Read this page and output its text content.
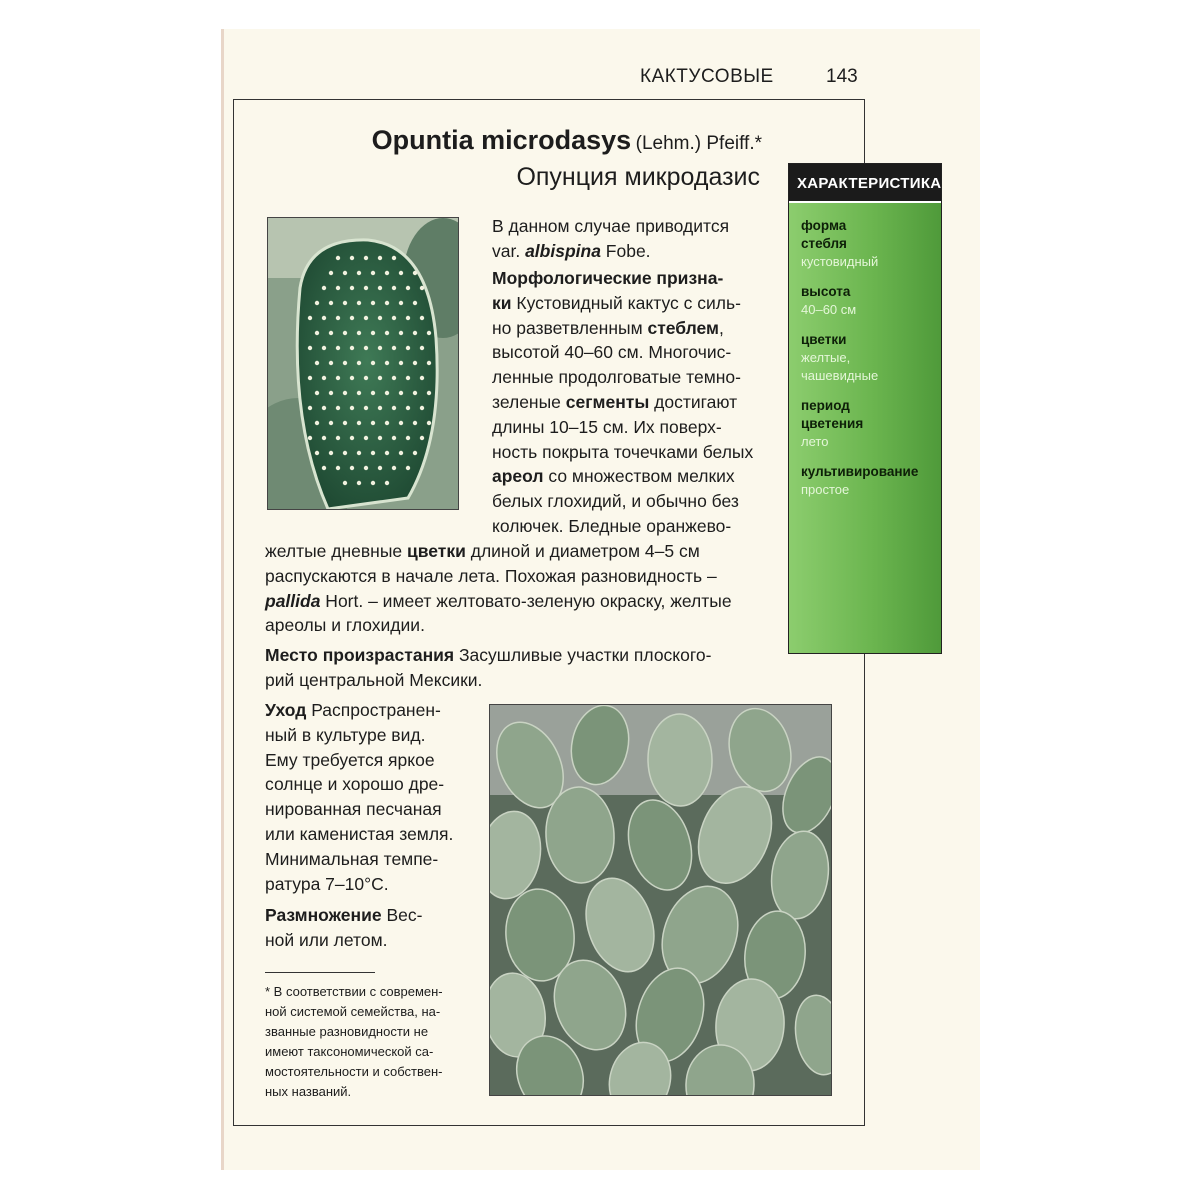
КАКТУСОВЫЕ	143
Opuntia microdasys (Lehm.) Pfeiff.*
Опунция микродазис	ХАРАКТЕРИСТИКА
форма стебля
кустовидный
высота
40–60 см
цветки
желтые, чашевидные
период цветения
лето
культивирование
простое
В данном случае приводится
var. albispina Fobe.
Морфологические призна-
ки Кустовидный кактус с силь-
но разветвленным стеблем,
высотой 40–60 см. Многочис-
ленные продолговатые темно-
зеленые сегменты достигают
длины 10–15 см. Их поверх-
ность покрыта точечками белых
ареол со множеством мелких
белых глохидий, и обычно без
колючек. Бледные оранжево-
желтые дневные цветки длиной и диаметром 4–5 см
распускаются в начале лета. Похожая разновидность –
pallida Hort. – имеет желтовато-зеленую окраску, желтые
ареолы и глохидии.
Место произрастания Засушливые участки плоского-
рий центральной Мексики.
Уход Распространен-
ный в культуре вид.
Ему требуется яркое
солнце и хорошо дре-
нированная песчаная
или каменистая земля.
Минимальная темпе-
ратура 7–10°С.
Размножение Вес-
ной или летом.
* В соответствии с современ-
ной системой семейства, на-
званные разновидности не
имеют таксономической са-
мостоятельности и собствен-
ных названий.
